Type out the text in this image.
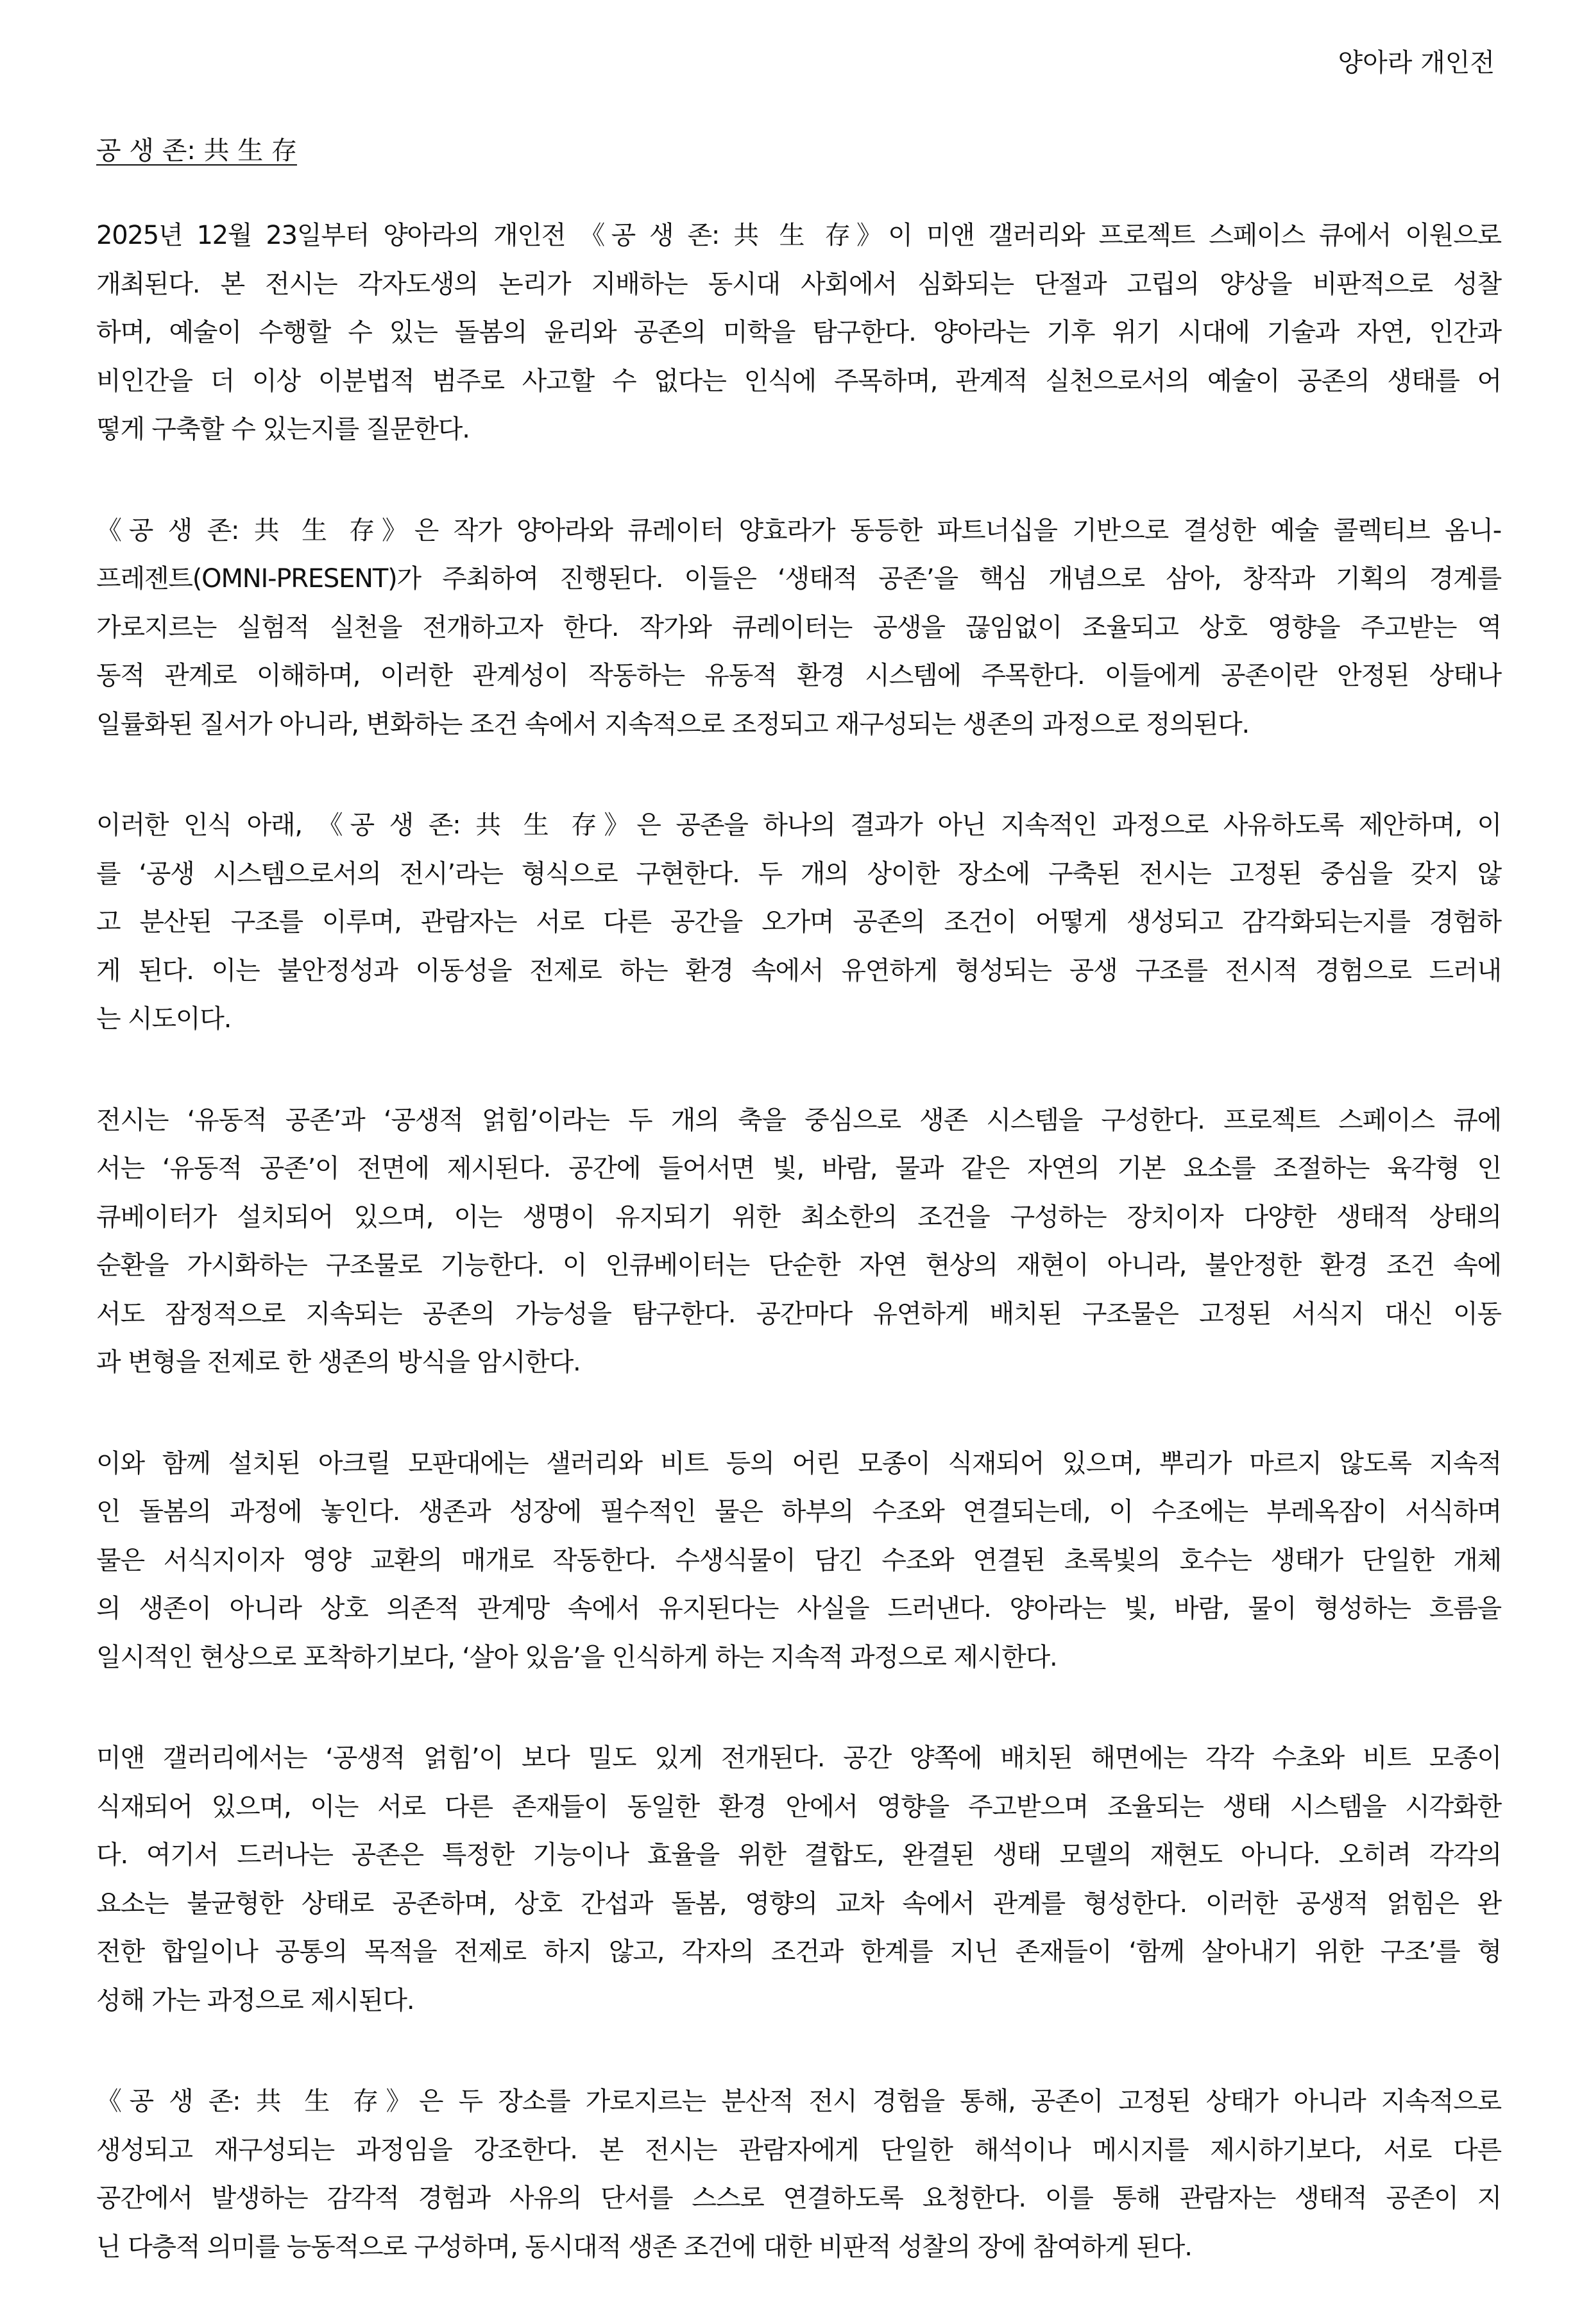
양아라 개인전
공 생 존: 共 生 存
2025년 12월 23일부터 양아라의 개인전 《공 생 존: 共 生 存》이 미앤 갤러리와 프로젝트 스페이스 큐에서 이원으로
개최된다. 본 전시는 각자도생의 논리가 지배하는 동시대 사회에서 심화되는 단절과 고립의 양상을 비판적으로 성찰
하며, 예술이 수행할 수 있는 돌봄의 윤리와 공존의 미학을 탐구한다. 양아라는 기후 위기 시대에 기술과 자연, 인간과
비인간을 더 이상 이분법적 범주로 사고할 수 없다는 인식에 주목하며, 관계적 실천으로서의 예술이 공존의 생태를 어
떻게 구축할 수 있는지를 질문한다.
《공 생 존: 共 生 存》은 작가 양아라와 큐레이터 양효라가 동등한 파트너십을 기반으로 결성한 예술 콜렉티브 옴니-
프레젠트(OMNI-PRESENT)가 주최하여 진행된다. 이들은 ‘생태적 공존’을 핵심 개념으로 삼아, 창작과 기획의 경계를
가로지르는 실험적 실천을 전개하고자 한다. 작가와 큐레이터는 공생을 끊임없이 조율되고 상호 영향을 주고받는 역
동적 관계로 이해하며, 이러한 관계성이 작동하는 유동적 환경 시스템에 주목한다. 이들에게 공존이란 안정된 상태나
일률화된 질서가 아니라, 변화하는 조건 속에서 지속적으로 조정되고 재구성되는 생존의 과정으로 정의된다.
이러한 인식 아래, 《공 생 존: 共 生 存》은 공존을 하나의 결과가 아닌 지속적인 과정으로 사유하도록 제안하며, 이
를 ‘공생 시스템으로서의 전시’라는 형식으로 구현한다. 두 개의 상이한 장소에 구축된 전시는 고정된 중심을 갖지 않
고 분산된 구조를 이루며, 관람자는 서로 다른 공간을 오가며 공존의 조건이 어떻게 생성되고 감각화되는지를 경험하
게 된다. 이는 불안정성과 이동성을 전제로 하는 환경 속에서 유연하게 형성되는 공생 구조를 전시적 경험으로 드러내
는 시도이다.
전시는 ‘유동적 공존’과 ‘공생적 얽힘’이라는 두 개의 축을 중심으로 생존 시스템을 구성한다. 프로젝트 스페이스 큐에
서는 ‘유동적 공존’이 전면에 제시된다. 공간에 들어서면 빛, 바람, 물과 같은 자연의 기본 요소를 조절하는 육각형 인
큐베이터가 설치되어 있으며, 이는 생명이 유지되기 위한 최소한의 조건을 구성하는 장치이자 다양한 생태적 상태의
순환을 가시화하는 구조물로 기능한다. 이 인큐베이터는 단순한 자연 현상의 재현이 아니라, 불안정한 환경 조건 속에
서도 잠정적으로 지속되는 공존의 가능성을 탐구한다. 공간마다 유연하게 배치된 구조물은 고정된 서식지 대신 이동
과 변형을 전제로 한 생존의 방식을 암시한다.
이와 함께 설치된 아크릴 모판대에는 샐러리와 비트 등의 어린 모종이 식재되어 있으며, 뿌리가 마르지 않도록 지속적
인 돌봄의 과정에 놓인다. 생존과 성장에 필수적인 물은 하부의 수조와 연결되는데, 이 수조에는 부레옥잠이 서식하며
물은 서식지이자 영양 교환의 매개로 작동한다. 수생식물이 담긴 수조와 연결된 초록빛의 호수는 생태가 단일한 개체
의 생존이 아니라 상호 의존적 관계망 속에서 유지된다는 사실을 드러낸다. 양아라는 빛, 바람, 물이 형성하는 흐름을
일시적인 현상으로 포착하기보다, ‘살아 있음’을 인식하게 하는 지속적 과정으로 제시한다.
미앤 갤러리에서는 ‘공생적 얽힘’이 보다 밀도 있게 전개된다. 공간 양쪽에 배치된 해면에는 각각 수초와 비트 모종이
식재되어 있으며, 이는 서로 다른 존재들이 동일한 환경 안에서 영향을 주고받으며 조율되는 생태 시스템을 시각화한
다. 여기서 드러나는 공존은 특정한 기능이나 효율을 위한 결합도, 완결된 생태 모델의 재현도 아니다. 오히려 각각의
요소는 불균형한 상태로 공존하며, 상호 간섭과 돌봄, 영향의 교차 속에서 관계를 형성한다. 이러한 공생적 얽힘은 완
전한 합일이나 공통의 목적을 전제로 하지 않고, 각자의 조건과 한계를 지닌 존재들이 ‘함께 살아내기 위한 구조’를 형
성해 가는 과정으로 제시된다.
《공 생 존: 共 生 存》은 두 장소를 가로지르는 분산적 전시 경험을 통해, 공존이 고정된 상태가 아니라 지속적으로
생성되고 재구성되는 과정임을 강조한다. 본 전시는 관람자에게 단일한 해석이나 메시지를 제시하기보다, 서로 다른
공간에서 발생하는 감각적 경험과 사유의 단서를 스스로 연결하도록 요청한다. 이를 통해 관람자는 생태적 공존이 지
닌 다층적 의미를 능동적으로 구성하며, 동시대적 생존 조건에 대한 비판적 성찰의 장에 참여하게 된다.
